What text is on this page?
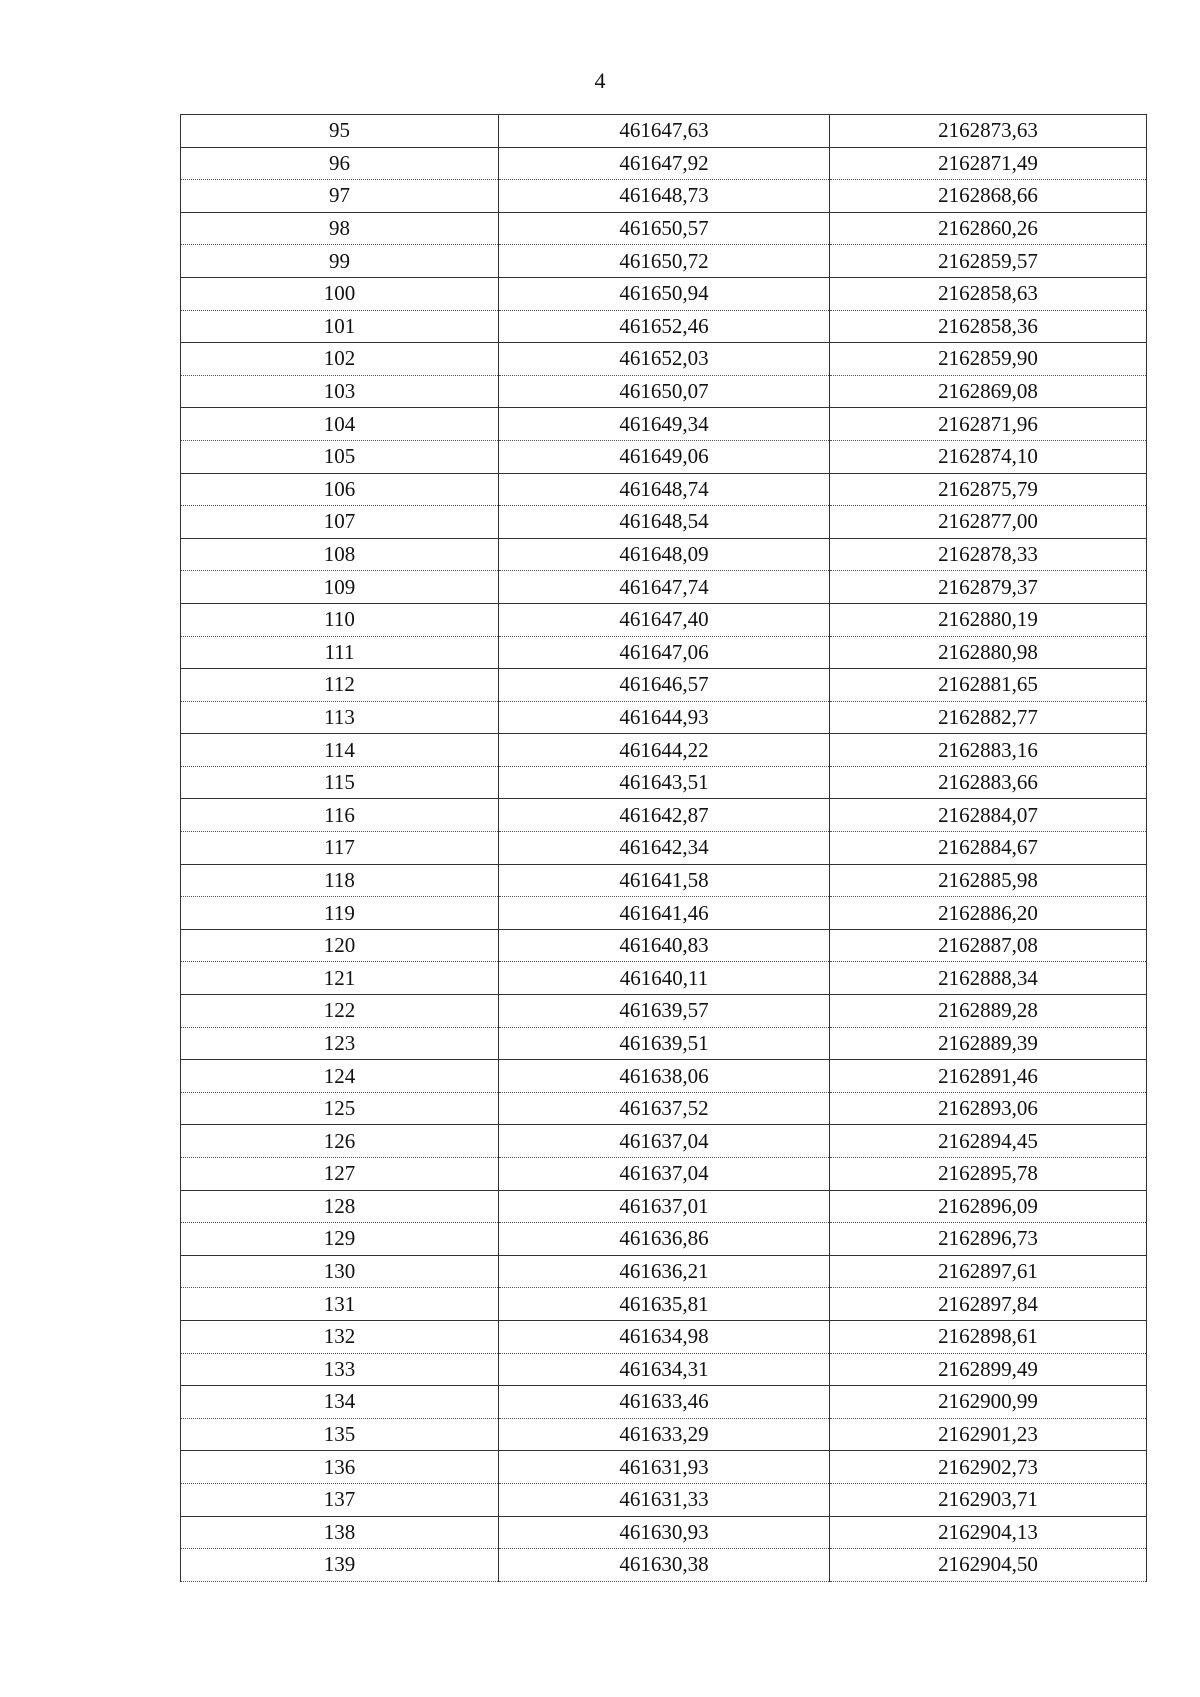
4
95	461647,63	2162873,63
96	461647,92	2162871,49
97	461648,73	2162868,66
98	461650,57	2162860,26
99	461650,72	2162859,57
100	461650,94	2162858,63
101	461652,46	2162858,36
102	461652,03	2162859,90
103	461650,07	2162869,08
104	461649,34	2162871,96
105	461649,06	2162874,10
106	461648,74	2162875,79
107	461648,54	2162877,00
108	461648,09	2162878,33
109	461647,74	2162879,37
110	461647,40	2162880,19
111	461647,06	2162880,98
112	461646,57	2162881,65
113	461644,93	2162882,77
114	461644,22	2162883,16
115	461643,51	2162883,66
116	461642,87	2162884,07
117	461642,34	2162884,67
118	461641,58	2162885,98
119	461641,46	2162886,20
120	461640,83	2162887,08
121	461640,11	2162888,34
122	461639,57	2162889,28
123	461639,51	2162889,39
124	461638,06	2162891,46
125	461637,52	2162893,06
126	461637,04	2162894,45
127	461637,04	2162895,78
128	461637,01	2162896,09
129	461636,86	2162896,73
130	461636,21	2162897,61
131	461635,81	2162897,84
132	461634,98	2162898,61
133	461634,31	2162899,49
134	461633,46	2162900,99
135	461633,29	2162901,23
136	461631,93	2162902,73
137	461631,33	2162903,71
138	461630,93	2162904,13
139	461630,38	2162904,50
